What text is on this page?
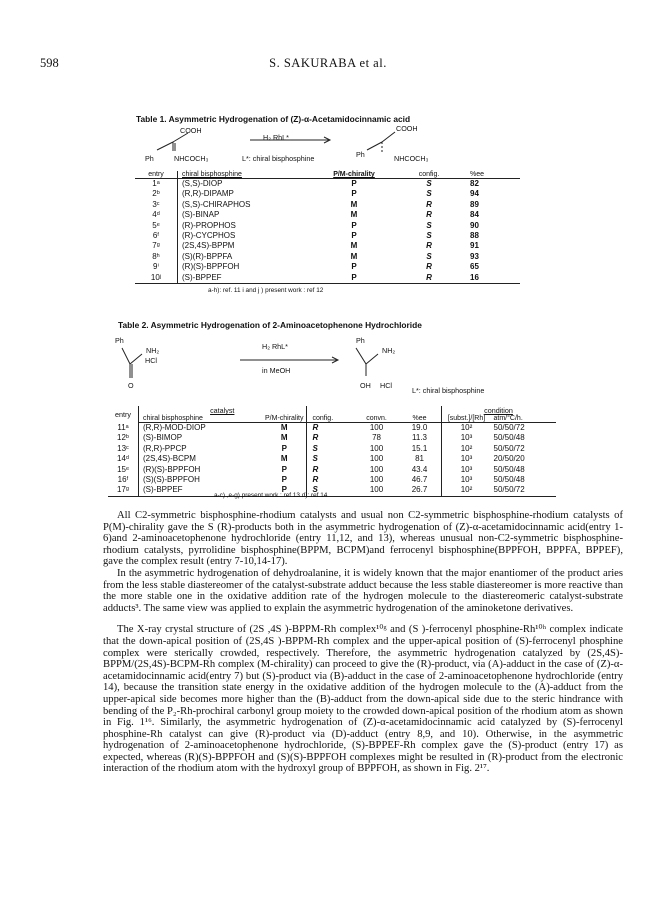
598	S. SAKURABA et al.
Table 1. Asymmetric Hydrogenation of (Z)-α-Acetamidocinnamic acid
COOH
Ph	NHCOCH₃
H₂ RhL*
L*: chiral bisphosphine
COOH
Ph	NHCOCH₃
entry	chiral bisphosphine	P/M-chirality	config.	%ee
1ᵃ	(S,S)-DIOP	P	S	82
2ᵇ	(R,R)-DIPAMP	P	S	94
3ᶜ	(S,S)-CHIRAPHOS	M	R	89
4ᵈ	(S)-BINAP	M	R	84
5ᵉ	(R)-PROPHOS	P	S	90
6ᶠ	(R)-CYCPHOS	P	S	88
7ᵍ	(2S,4S)-BPPM	M	R	91
8ʰ	(S)(R)-BPPFA	M	S	93
9ⁱ	(R)(S)-BPPFOH	P	R	65
10ʲ	(S)-BPPEF	P	R	16
a-h): ref. 11 i and j ) present work : ref 12
Table 2. Asymmetric Hydrogenation of 2-Aminoacetophenone Hydrochloride
Ph
NH₂
HCl
O
H₂ RhL*
in MeOH
Ph
NH₂
OH HCl
L*: chiral bisphosphine
entry	catalyst					condition	
	chiral bisphosphine	P/M-chirality	config.	convn.	%ee	[subst.]/[Rh]	atm/°C/h.
11ᵃ	(R,R)-MOD-DIOP	M	R	100	19.0	10²	50/50/72
12ᵇ	(S)-BIMOP	M	R	78	11.3	10³	50/50/48
13ᶜ	(R,R)-PPCP	P	S	100	15.1	10²	50/50/72
14ᵈ	(2S,4S)-BCPM	M	S	100	81	10³	20/50/20
15ᵉ	(R)(S)-BPPFOH	P	R	100	43.4	10³	50/50/48
16ᶠ	(S)(S)-BPPFOH	P	R	100	46.7	10³	50/50/48
17ᵍ	(S)-BPPEF	P	S	100	26.7	10²	50/50/72
a-c) ,e-g) present work : ref 13 d): ref 14

All C2-symmetric bisphosphine-rhodium catalysts and usual non C2-symmetric bisphosphine-rhodium catalysts of P(M)-chirality gave the S (R)-products both in the asymmetric hydrogenation of (Z)-α-acetamidocinnamic acid(entry 1-6)and 2-aminoacetophenone hydrochloride (entry 11,12, and 13), whereas unusual non-C2-symmetric bisphosphine-rhodium catalysts, pyrrolidine bisphosphine(BPPM, BCPM)and ferrocenyl bisphosphine(BPPFOH, BPPFA, BPPEF), gave the complex result (entry 7-10,14-17).

In the asymmetric hydrogenation of dehydroalanine, it is widely known that the major enantiomer of the product aries from the less stable diastereomer of the catalyst-substrate adduct because the less stable diastereomer is more reactive than the more stable one in the oxidative addition rate of the hydrogen molecule to the diastereomeric catalyst-substrate adducts³. The same view was applied to explain the asymmetric hydrogenation of the aminoketone derivatives.

The X-ray crystal structure of (2S ,4S )-BPPM-Rh complex¹⁰ᵍ and (S )-ferrocenyl phosphine-Rh¹⁰ʰ complex indicate that the down-apical position of (2S,4S )-BPPM-Rh complex and the upper-apical position of (S)-ferrocenyl phosphine complex were sterically crowded, respectively. Therefore, the asymmetric hydrogenation catalyzed by (2S,4S)-BPPM/(2S,4S)-BCPM-Rh complex (M-chirality) can proceed to give the (R)-product, via (A)-adduct in the case of (Z)-α-acetamidocinnamic acid(entry 7) but (S)-product via (B)-adduct in the case of 2-aminoacetophenone hydrochloride (entry 14), because the transition state energy in the oxidative addition of the hydrogen molecule to the (A)-adduct from the upper-apical side becomes more higher than the (B)-adduct from the down-apical side due to the steric hindrance with bending of the P₂-Rh-prochiral carbonyl group moiety to the crowded down-apical position of the rhodium atom as shown in Fig. 1¹⁶. Similarly, the asymmetric hydrogenation of (Z)-α-acetamidocinnamic acid catalyzed by (S)-ferrocenyl phosphine-Rh catalyst can give (R)-product via (D)-adduct (entry 8,9, and 10). Otherwise, in the asymmetric hydrogenation of 2-aminoacetophenone hydrochloride, (S)-BPPEF-Rh complex gave the (S)-product (entry 17) as expected, whereas (R)(S)-BPPFOH and (S)(S)-BPPFOH complexes might be resulted in (R)-product from the electronic interaction of the rhodium atom with the hydroxyl group of BPPFOH, as shown in Fig. 2¹⁷.
